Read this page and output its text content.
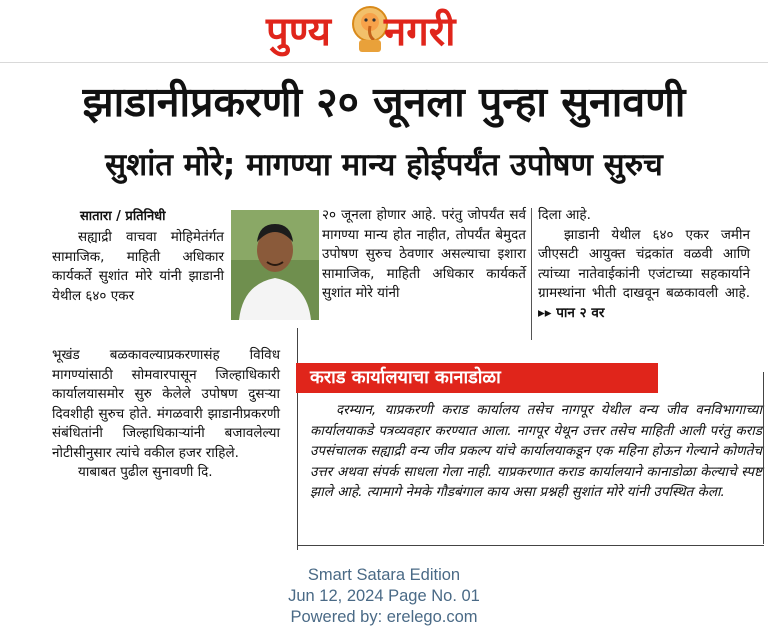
पुण्य नगरी
झाडानीप्रकरणी २० जूनला पुन्हा सुनावणी
सुशांत मोरे; मागण्या मान्य होईपर्यंत उपोषण सुरुच
सातारा / प्रतिनिधी
सह्याद्री वाचवा मोहिमेतंर्गत सामाजिक, माहिती अधिकार कार्यकर्ते सुशांत मोरे यांनी झाडानी येथील ६४० एकर

भूखंड बळकावल्याप्रकरणासंह विविध मागण्यांसाठी सोमवारपासून जिल्हाधिकारी कार्यालयासमोर सुरु केलेले उपोषण दुसऱ्या दिवशीही सुरुच होते. मंगळवारी झाडानीप्रकरणी संबंधितांनी जिल्हाधिकाऱ्यांनी बजावलेल्या नोटीसीनुसार त्यांचे वकील हजर राहिले.

याबाबत पुढील सुनावणी दि.

२० जूनला होणार आहे. परंतु जोपर्यंत सर्व मागण्या मान्य होत नाहीत, तोपर्यंत बेमुदत उपोषण सुरुच ठेवणार असल्याचा इशारा सामाजिक, माहिती अधिकार कार्यकर्ते सुशांत मोरे यांनी

दिला आहे.

झाडानी येथील ६४० एकर जमीन जीएसटी आयुक्त चंद्रकांत वळवी आणि त्यांच्या नातेवाईकांनी एजंटाच्या सहकार्याने ग्रामस्थांना भीती दाखवून बळकावली आहे. ▸▸ पान २ वर

कराड कार्यालयाचा कानाडोळा
दरम्यान, याप्रकरणी कराड कार्यालय तसेच नागपूर येथील वन्य जीव वनविभागाच्या कार्यालयाकडे पत्रव्यवहार करण्यात आला. नागपूर येथून उत्तर तसेच माहिती आली परंतु कराड उपसंचालक सह्याद्री वन्य जीव प्रकल्प यांचे कार्यालयाकडून एक महिना होऊन गेल्याने कोणतेच उत्तर अथवा संपर्क साधला गेला नाही. याप्रकरणात कराड कार्यालयाने कानाडोळा केल्याचे स्पष्ट झाले आहे. त्यामागे नेमके गौडबंगाल काय असा प्रश्नही सुशांत मोरे यांनी उपस्थित केला.
Smart Satara Edition
Jun 12, 2024 Page No. 01
Powered by: erelego.com
